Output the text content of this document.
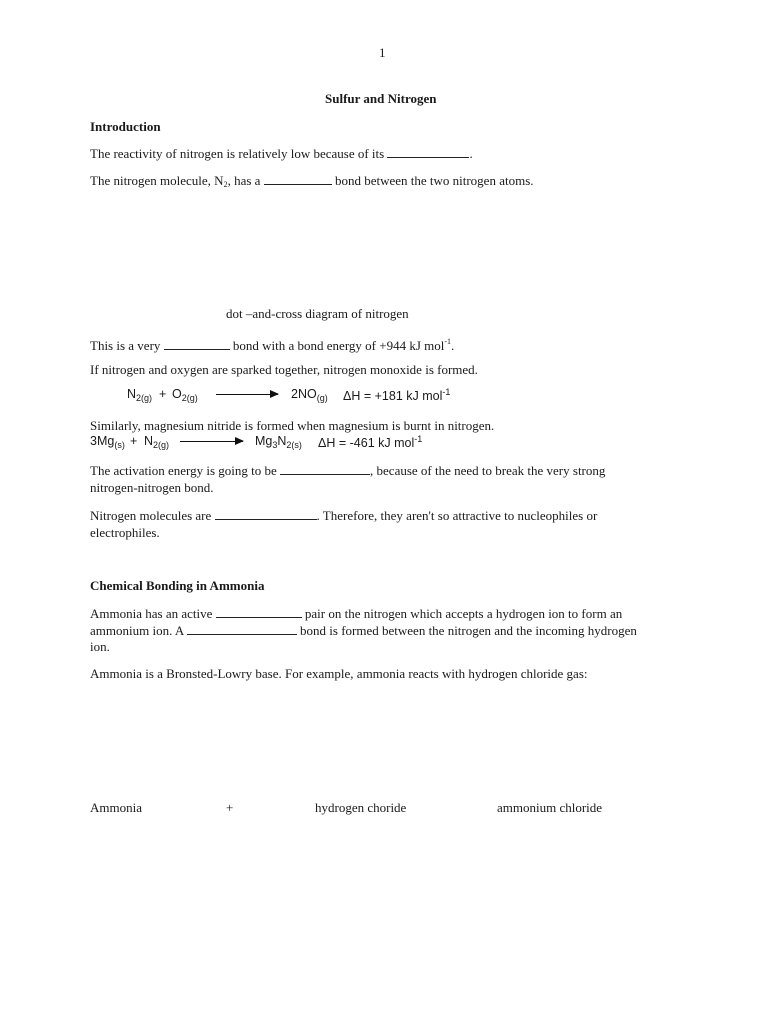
1
Sulfur and Nitrogen
Introduction
The reactivity of nitrogen is relatively low because of its	.
The nitrogen molecule, $N_2$, has a	bond between the two nitrogen atoms.
dot –and-cross diagram of nitrogen
This is a very	bond with a bond energy of +944 kJ mol$^{-1}$.
If nitrogen and oxygen are sparked together, nitrogen monoxide is formed.
$N_{2(g)} + O_{2(g)}$	$2NO_{(g)}$ ΔH = +181 kJ mol$^{-1}$
Similarly, magnesium nitride is formed when magnesium is burnt in nitrogen.
$3Mg_{(s)} + N_{2(g)}$	$Mg_3N_{2(s)}$ ΔH = -461 kJ mol$^{-1}$
The activation energy is going to be	, because of the need to break the very strong
nitrogen-nitrogen bond.
Nitrogen molecules are	. Therefore, they aren't so attractive to nucleophiles or
electrophiles.
Chemical Bonding in Ammonia
Ammonia has an active	pair on the nitrogen which accepts a hydrogen ion to form an
ammonium ion. A	bond is formed between the nitrogen and the incoming hydrogen
ion.
Ammonia is a Bronsted-Lowry base. For example, ammonia reacts with hydrogen chloride gas:
Ammonia	+	hydrogen choride	ammonium chloride
